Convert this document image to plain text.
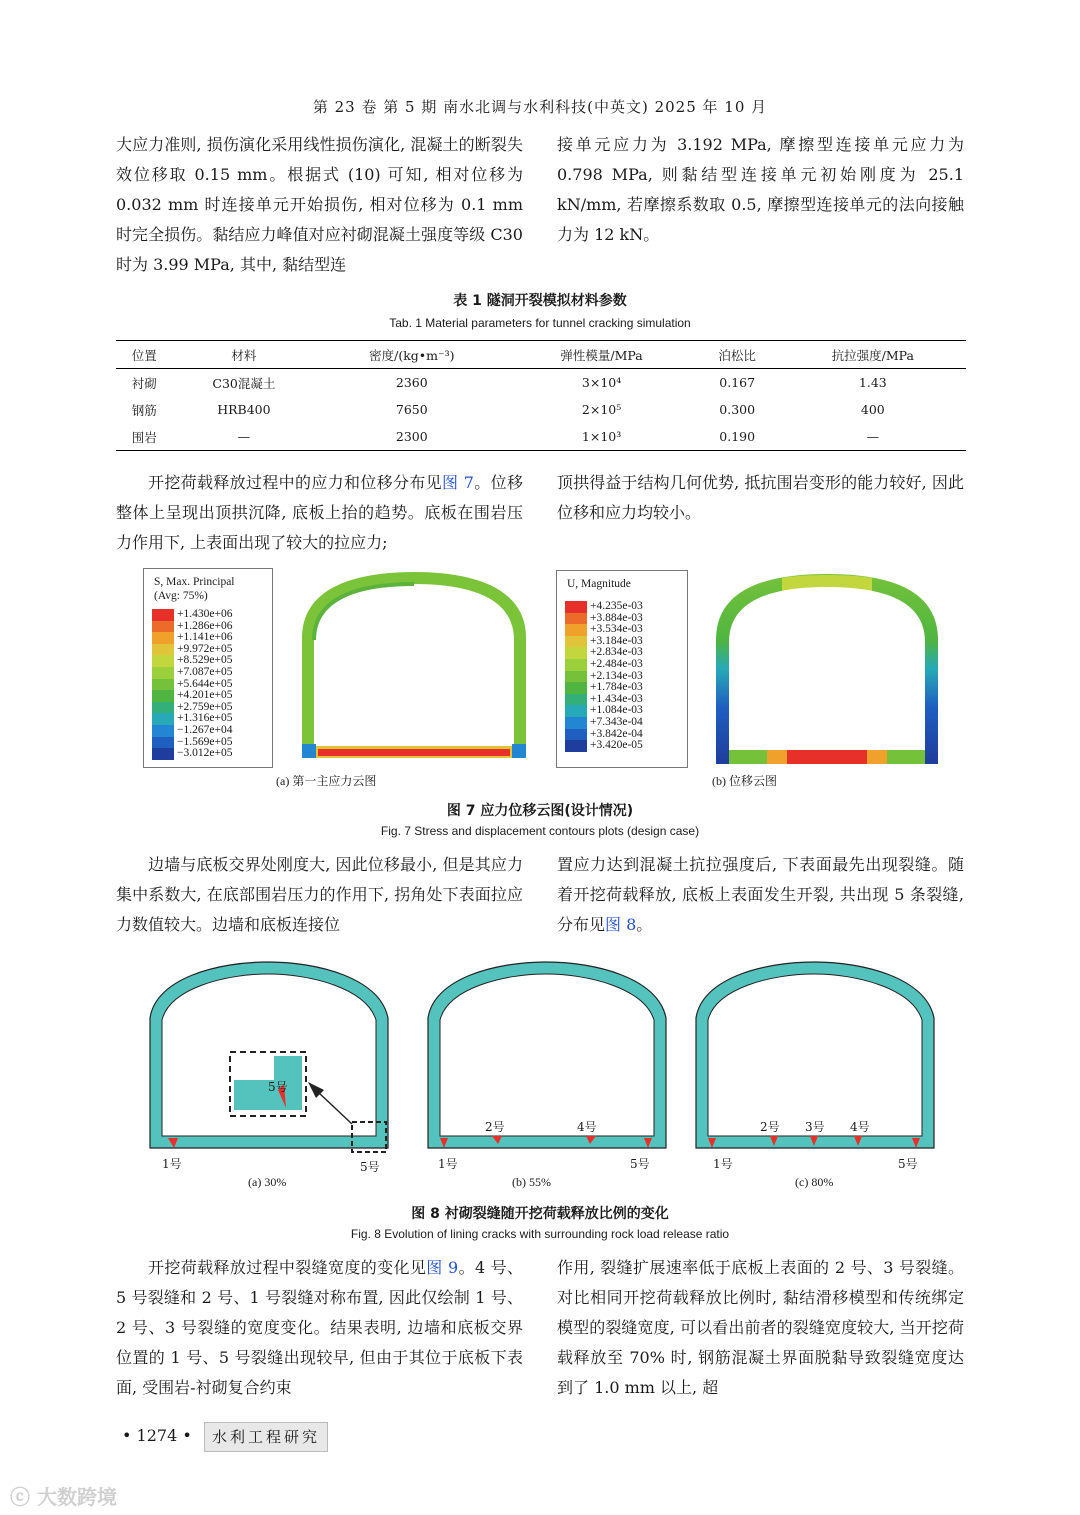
第 23 卷 第 5 期 南水北调与水利科技(中英文) 2025 年 10 月

大应力准则, 损伤演化采用线性损伤演化, 混凝土的断裂失效位移取 0.15 mm。根据式 (10) 可知, 相对位移为 0.032 mm 时连接单元开始损伤, 相对位移为 0.1 mm 时完全损伤。黏结应力峰值对应衬砌混凝土强度等级 C30 时为 3.99 MPa, 其中, 黏结型连

接单元应力为 3.192 MPa, 摩擦型连接单元应力为 0.798 MPa, 则黏结型连接单元初始刚度为 25.1 kN/mm, 若摩擦系数取 0.5, 摩擦型连接单元的法向接触力为 12 kN。

表 1 隧洞开裂模拟材料参数
Tab. 1 Material parameters for tunnel cracking simulation
位置	材料	密度/(kg•m⁻³)	弹性模量/MPa	泊松比	抗拉强度/MPa
衬砌	C30混凝土	2360	3×10⁴	0.167	1.43
钢筋	HRB400	7650	2×10⁵	0.300	400
围岩	—	2300	1×10³	0.190	—

开挖荷载释放过程中的应力和位移分布见图 7。位移整体上呈现出顶拱沉降, 底板上抬的趋势。底板在围岩压力作用下, 上表面出现了较大的拉应力;

顶拱得益于结构几何优势, 抵抗围岩变形的能力较好, 因此位移和应力均较小。

S, Max. Principal
(Avg: 75%)
+1.430e+06
+1.286e+06
+1.141e+06
+9.972e+05
+8.529e+05
+7.087e+05
+5.644e+05
+4.201e+05
+2.759e+05
+1.316e+05
−1.267e+04
−1.569e+05
−3.012e+05
U, Magnitude
+4.235e-03
+3.884e-03
+3.534e-03
+3.184e-03
+2.834e-03
+2.484e-03
+2.134e-03
+1.784e-03
+1.434e-03
+1.084e-03
+7.343e-04
+3.842e-04
+3.420e-05
(a) 第一主应力云图	(b) 位移云图
图 7 应力位移云图(设计情况)
Fig. 7 Stress and displacement contours plots (design case)

边墙与底板交界处刚度大, 因此位移最小, 但是其应力集中系数大, 在底部围岩压力的作用下, 拐角处下表面拉应力数值较大。边墙和底板连接位

置应力达到混凝土抗拉强度后, 下表面最先出现裂缝。随着开挖荷载释放, 底板上表面发生开裂, 共出现 5 条裂缝, 分布见图 8。

5号
1号	5号
2号	4号
1号	5号
2号 3号 4号
1号	5号
(a) 30%	(b) 55%	(c) 80%
图 8 衬砌裂缝随开挖荷载释放比例的变化
Fig. 8 Evolution of lining cracks with surrounding rock load release ratio

开挖荷载释放过程中裂缝宽度的变化见图 9。4 号、5 号裂缝和 2 号、1 号裂缝对称布置, 因此仅绘制 1 号、2 号、3 号裂缝的宽度变化。结果表明, 边墙和底板交界位置的 1 号、5 号裂缝出现较早, 但由于其位于底板下表面, 受围岩-衬砌复合约束

作用, 裂缝扩展速率低于底板上表面的 2 号、3 号裂缝。对比相同开挖荷载释放比例时, 黏结滑移模型和传统绑定模型的裂缝宽度, 可以看出前者的裂缝宽度较大, 当开挖荷载释放至 70% 时, 钢筋混凝土界面脱黏导致裂缝宽度达到了 1.0 mm 以上, 超

• 1274 •	水利工程研究
ⓒ 大数跨境
